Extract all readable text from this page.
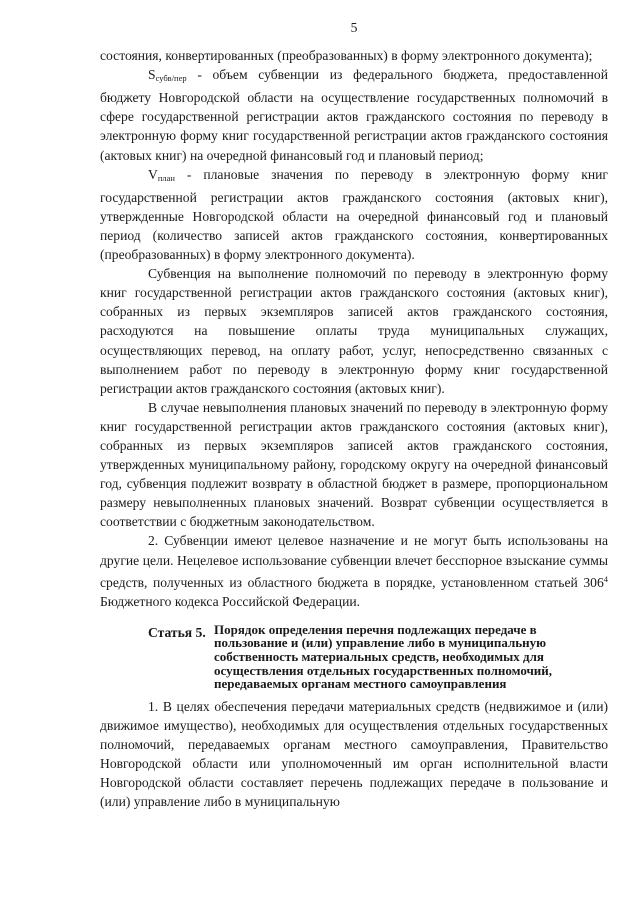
5

состояния, конвертированных (преобразованных) в форму электронного документа);

$S_{субв/пер}$ - объем субвенции из федерального бюджета, предоставленной бюджету Новгородской области на осуществление государственных полномочий в сфере государственной регистрации актов гражданского состояния по переводу в электронную форму книг государственной регистрации актов гражданского состояния (актовых книг) на очередной финансовый год и плановый период;

$V_{план}$ - плановые значения по переводу в электронную форму книг государственной регистрации актов гражданского состояния (актовых книг), утвержденные Новгородской области на очередной финансовый год и плановый период (количество записей актов гражданского состояния, конвертированных (преобразованных) в форму электронного документа).

Субвенция на выполнение полномочий по переводу в электронную форму книг государственной регистрации актов гражданского состояния (актовых книг), собранных из первых экземпляров записей актов гражданского состояния, расходуются на повышение оплаты труда муниципальных служащих, осуществляющих перевод, на оплату работ, услуг, непосредственно связанных с выполнением работ по переводу в электронную форму книг государственной регистрации актов гражданского состояния (актовых книг).

В случае невыполнения плановых значений по переводу в электронную форму книг государственной регистрации актов гражданского состояния (актовых книг), собранных из первых экземпляров записей актов гражданского состояния, утвержденных муниципальному району, городскому округу на очередной финансовый год, субвенция подлежит возврату в областной бюджет в размере, пропорциональном размеру невыполненных плановых значений. Возврат субвенции осуществляется в соответствии с бюджетным законодательством.

2. Субвенции имеют целевое назначение и не могут быть использованы на другие цели. Нецелевое использование субвенции влечет бесспорное взыскание суммы средств, полученных из областного бюджета в порядке, установленном статьей $306^4$ Бюджетного кодекса Российской Федерации.

Статья 5. Порядок определения перечня подлежащих передаче в пользование и (или) управление либо в муниципальную собственность материальных средств, необходимых для осуществления отдельных государственных полномочий, передаваемых органам местного самоуправления

1. В целях обеспечения передачи материальных средств (недвижимое и (или) движимое имущество), необходимых для осуществления отдельных государственных полномочий, передаваемых органам местного самоуправления, Правительство Новгородской области или уполномоченный им орган исполнительной власти Новгородской области составляет перечень подлежащих передаче в пользование и (или) управление либо в муниципальную
